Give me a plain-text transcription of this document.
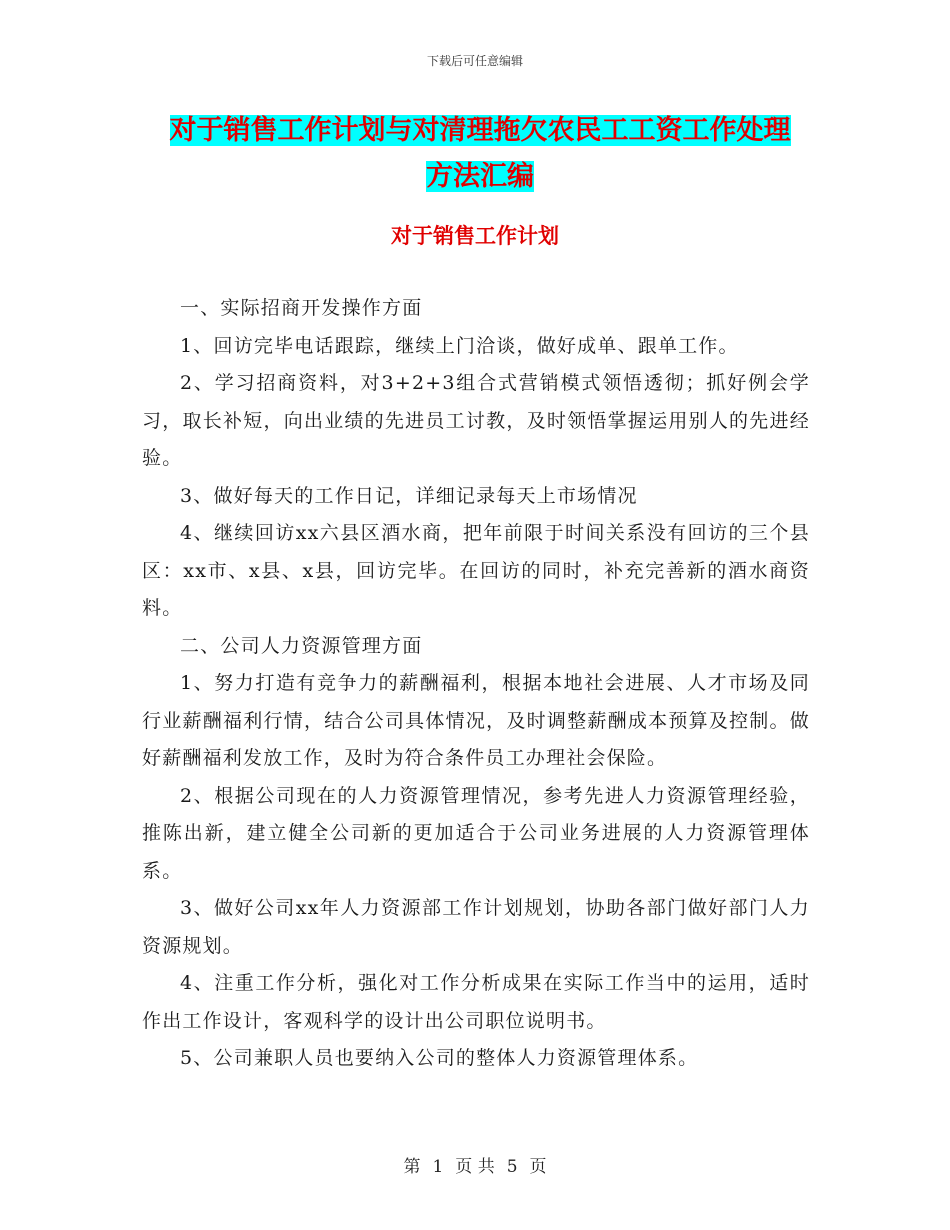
下载后可任意编辑
对于销售工作计划与对清理拖欠农民工工资工作处理
方法汇编
对于销售工作计划

一、实际招商开发操作方面

1、回访完毕电话跟踪，继续上门洽谈，做好成单、跟单工作。

2、学习招商资料，对3+2+3组合式营销模式领悟透彻；抓好例会学习，取长补短，向出业绩的先进员工讨教，及时领悟掌握运用别人的先进经验。

3、做好每天的工作日记，详细记录每天上市场情况

4、继续回访xx六县区酒水商，把年前限于时间关系没有回访的三个县区：xx市、x县、x县，回访完毕。在回访的同时，补充完善新的酒水商资料。

二、公司人力资源管理方面

1、努力打造有竞争力的薪酬福利，根据本地社会进展、人才市场及同行业薪酬福利行情，结合公司具体情况，及时调整薪酬成本预算及控制。做好薪酬福利发放工作，及时为符合条件员工办理社会保险。

2、根据公司现在的人力资源管理情况，参考先进人力资源管理经验，推陈出新，建立健全公司新的更加适合于公司业务进展的人力资源管理体系。

3、做好公司xx年人力资源部工作计划规划，协助各部门做好部门人力资源规划。

4、注重工作分析，强化对工作分析成果在实际工作当中的运用，适时作出工作设计，客观科学的设计出公司职位说明书。

5、公司兼职人员也要纳入公司的整体人力资源管理体系。

第 1 页 共 5 页
